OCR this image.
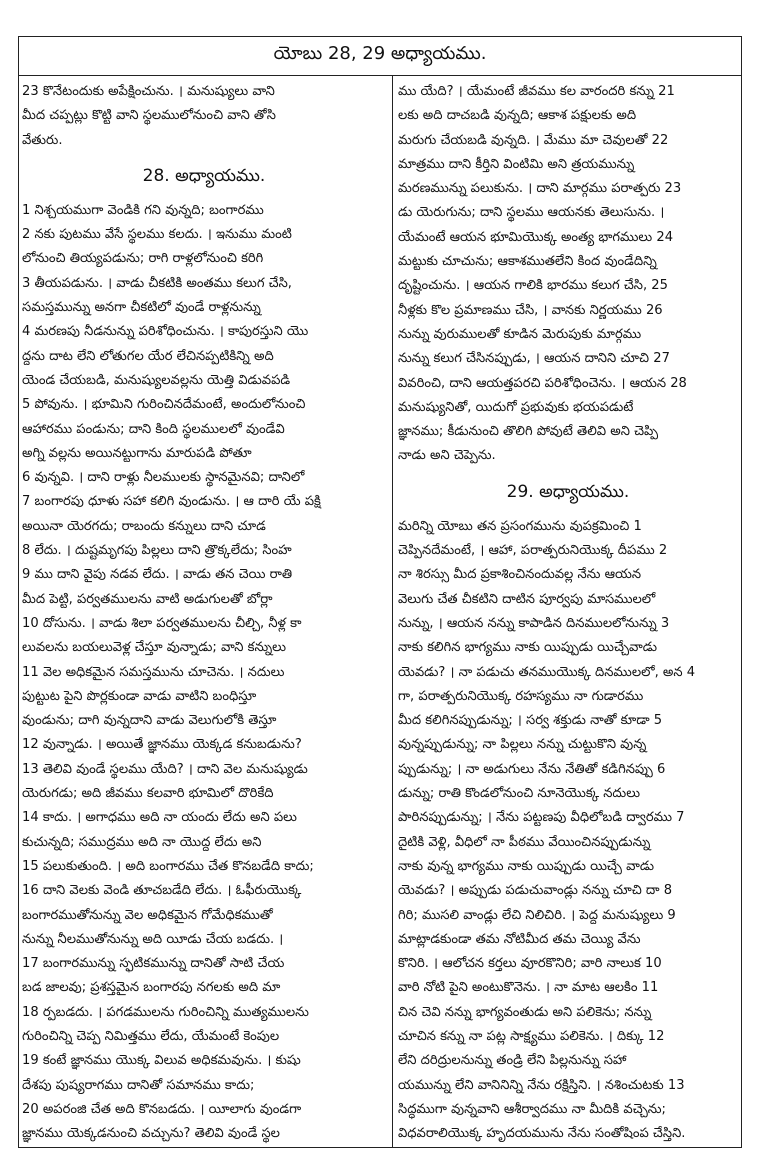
యోబు 28, 29 అధ్యాయము.
23 కొనేటందుకు అపేక్షించును. । మనుష్యులు వాని
మీద చప్పట్లు కొట్టి వాని స్థలములోనుంచి వాని తోసి
వేతురు.
28. అధ్యాయము.
1 నిశ్చయముగా వెండికి గని వున్నది; బంగారము
2 నకు పుటము వేసే స్థలము కలదు. । ఇనుము మంటి
లోనుంచి తియ్యపడును; రాగి రాళ్లలోనుంచి కరిగి
3 తీయపడును. । వాడు చీకటికి అంతము కలుగ చేసి,
సమస్తమున్ను అనగా చీకటిలో వుండే రాళ్లనున్ను
4 మరణపు నీడనున్ను పరిశోధించును. । కాపురస్తుని యొ
ద్దను దాట లేని లోతుగల యేర లేచినప్పటికిన్ని అది
యెండ చేయబడి, మనుష్యులవల్లను యెత్తి విడువపడి
5 పోవును. । భూమిని గురించినదేమంటే, అందులోనుంచి
ఆహారము పండును; దాని కింది స్థలములలో వుండేవి
అగ్ని వల్లను అయినట్టుగాను మారుపడి పోతూ
6 వున్నవి. । దాని రాళ్లు నీలములకు స్థానమైనవి; దానిలో
7 బంగారపు ధూళు సహా కలిగి వుండును. । ఆ దారి యే పక్షి
అయినా యెరగదు; రాబందు కన్నులు దాని చూడ
8 లేదు. । దుష్టమృగపు పిల్లలు దాని త్రొక్కలేదు; సింహ
9 ము దాని వైపు నడవ లేదు. । వాడు తన చెయి రాతి
మీద పెట్టి, పర్వతములను వాటి అడుగులతో బోర్లా
10 దోసును. । వాడు శిలా పర్వతములను చీల్చి, నీళ్ల కా
లువలను బయలువెళ్ల చేస్తూ వున్నాడు; వాని కన్నులు
11 వెల అధికమైన సమస్తమును చూచెను. । నదులు
పుట్టుట పైని పొర్లకుండా వాడు వాటిని బంధిస్తూ
వుండును; దాగి వున్నదాని వాడు వెలుగులోకి తెస్తూ
12 వున్నాడు. । అయితే జ్ఞానము యెక్కడ కనుబడును?
13 తెలివి వుండే స్థలము యేది? । దాని వెల మనుష్యుడు
యెరుగడు; అది జీవము కలవారి భూమిలో దొరికేది
14 కాదు. । అగాధము అది నా యందు లేదు అని పలు
కుచున్నది; సముద్రము అది నా యొద్ద లేదు అని
15 పలుకుతుంది. । అది బంగారము చేత కొనబడేది కాదు;
16 దాని వెలకు వెండి తూచబడేది లేదు. । ఓఫీరుయొక్క
బంగారముతోనున్ను వెల అధికమైన గోమేధికముతో
నున్ను నీలముతోనున్ను అది యీడు చేయ బడదు. ।
17 బంగారమున్ను స్ఫటికమున్ను దానితో సాటి చేయ
బడ జాలవు; ప్రశస్తమైన బంగారపు నగలకు అది మా
18 ర్పబడదు. । పగడములను గురించిన్ని ముత్యములను
గురించిన్ని చెప్ప నిమిత్తము లేదు, యేమంటే కెంపుల
19 కంటే జ్ఞానము యొక్క విలువ అధికమవును. । కుషు
దేశపు పుష్యరాగము దానితో సమానము కాదు;
20 అపరంజి చేత అది కొనబడదు. । యీలాగు వుండగా
జ్ఞానము యెక్కడనుంచి వచ్చును? తెలివి వుండే స్థల
ము యేది? । యేమంటే జీవము కల వారందరి కన్ను 21
లకు అది దాచబడి వున్నది; ఆకాశ పక్షులకు అది
మరుగు చేయబడి వున్నది. । మేము మా చెవులతో 22
మాత్రము దాని కీర్తిని వింటిమి అని త్రయమున్ను
మరణమున్ను పలుకును. । దాని మార్గము పరాత్పరు 23
డు యెరుగును; దాని స్థలము ఆయనకు తెలుసును. ।
యేమంటే ఆయన భూమియొక్క అంత్య భాగములు 24
మట్టుకు చూచును; ఆకాశముతలేని కింద వుండేదిన్ని
దృష్టించును. । ఆయన గాలికి భారము కలుగ చేసి, 25
నీళ్లకు కొల ప్రమాణము చేసి, । వానకు నిర్ణయము 26
నున్ను వురుములతో కూడిన మెరుపుకు మార్గము
నున్ను కలుగ చేసినప్పుడు, । ఆయన దానిని చూచి 27
వివరించి, దాని ఆయత్తపరచి పరిశోధించెను. । ఆయన 28
మనుష్యునితో, యిదుగో ప్రభువుకు భయపడుటే
జ్ఞానము; కీడునుంచి తొలిగి పోవుటే తెలివి అని చెప్పి
నాడు అని చెప్పెను.
29. అధ్యాయము.
మరిన్ని యోబు తన ప్రసంగమును వుపక్రమించి 1
చెప్పినదేమంటే, । ఆహా, పరాత్పరునియొక్క దీపము 2
నా శిరస్సు మీద ప్రకాశించినందువల్ల నేను ఆయన
వెలుగు చేత చీకటిని దాటిన పూర్వపు మాసములలో
నున్ను, । ఆయన నన్ను కాపాడిన దినములలోనున్ను 3
నాకు కలిగిన భాగ్యము నాకు యిప్పుడు యిచ్చేవాడు
యెవడు? । నా పడుచు తనముయొక్క దినములలో, అన 4
గా, పరాత్పరునియొక్క రహస్యము నా గుడారము
మీద కలిగినప్పుడున్ను; । సర్వ శక్తుడు నాతో కూడా 5
వున్నప్పుడున్ను; నా పిల్లలు నన్ను చుట్టుకొని వున్న
ప్పుడున్ను; । నా అడుగులు నేను నేతితో కడిగినప్పు 6
డున్ను; రాతి కొండలోనుంచి నూనెయొక్క నదులు
పారినప్పుడున్ను; । నేను పట్టణపు వీధిలోబడి ద్వారము 7
దైటికి వెళ్లి, వీధిలో నా పీఠము వేయించినప్పుడున్ను
నాకు వున్న భాగ్యము నాకు యిప్పుడు యిచ్చే వాడు
యెవడు? । అప్పుడు పడుచువాండ్లు నన్ను చూచి దా 8
గిరి; ముసలి వాండ్లు లేచి నిలిచిరి. । పెద్ద మనుష్యులు 9
మాట్లాడకుండా తమ నోటిమీద తమ చెయ్యి వేను
కొనిరి. । ఆలోచన కర్తలు వూరకొనిరి; వారి నాలుక 10
వారి నోటి పైని అంటుకొనెను. । నా మాట ఆలకిం 11
చిన చెవి నన్ను భాగ్యవంతుడు అని పలికెను; నన్ను
చూచిన కన్ను నా పట్ల సాక్ష్యము పలికెను. । దిక్కు 12
లేని దరిద్రులనున్ను తండ్రి లేని పిల్లనున్ను సహా
యమున్ను లేని వానినిన్ని నేను రక్షిస్తిని. । నశించుటకు 13
సిద్ధముగా వున్నవాని ఆశీర్వాదము నా మీదికి వచ్చెను;
విధవరాలియొక్క హృదయమును నేను సంతోషింప చేస్తిని.
